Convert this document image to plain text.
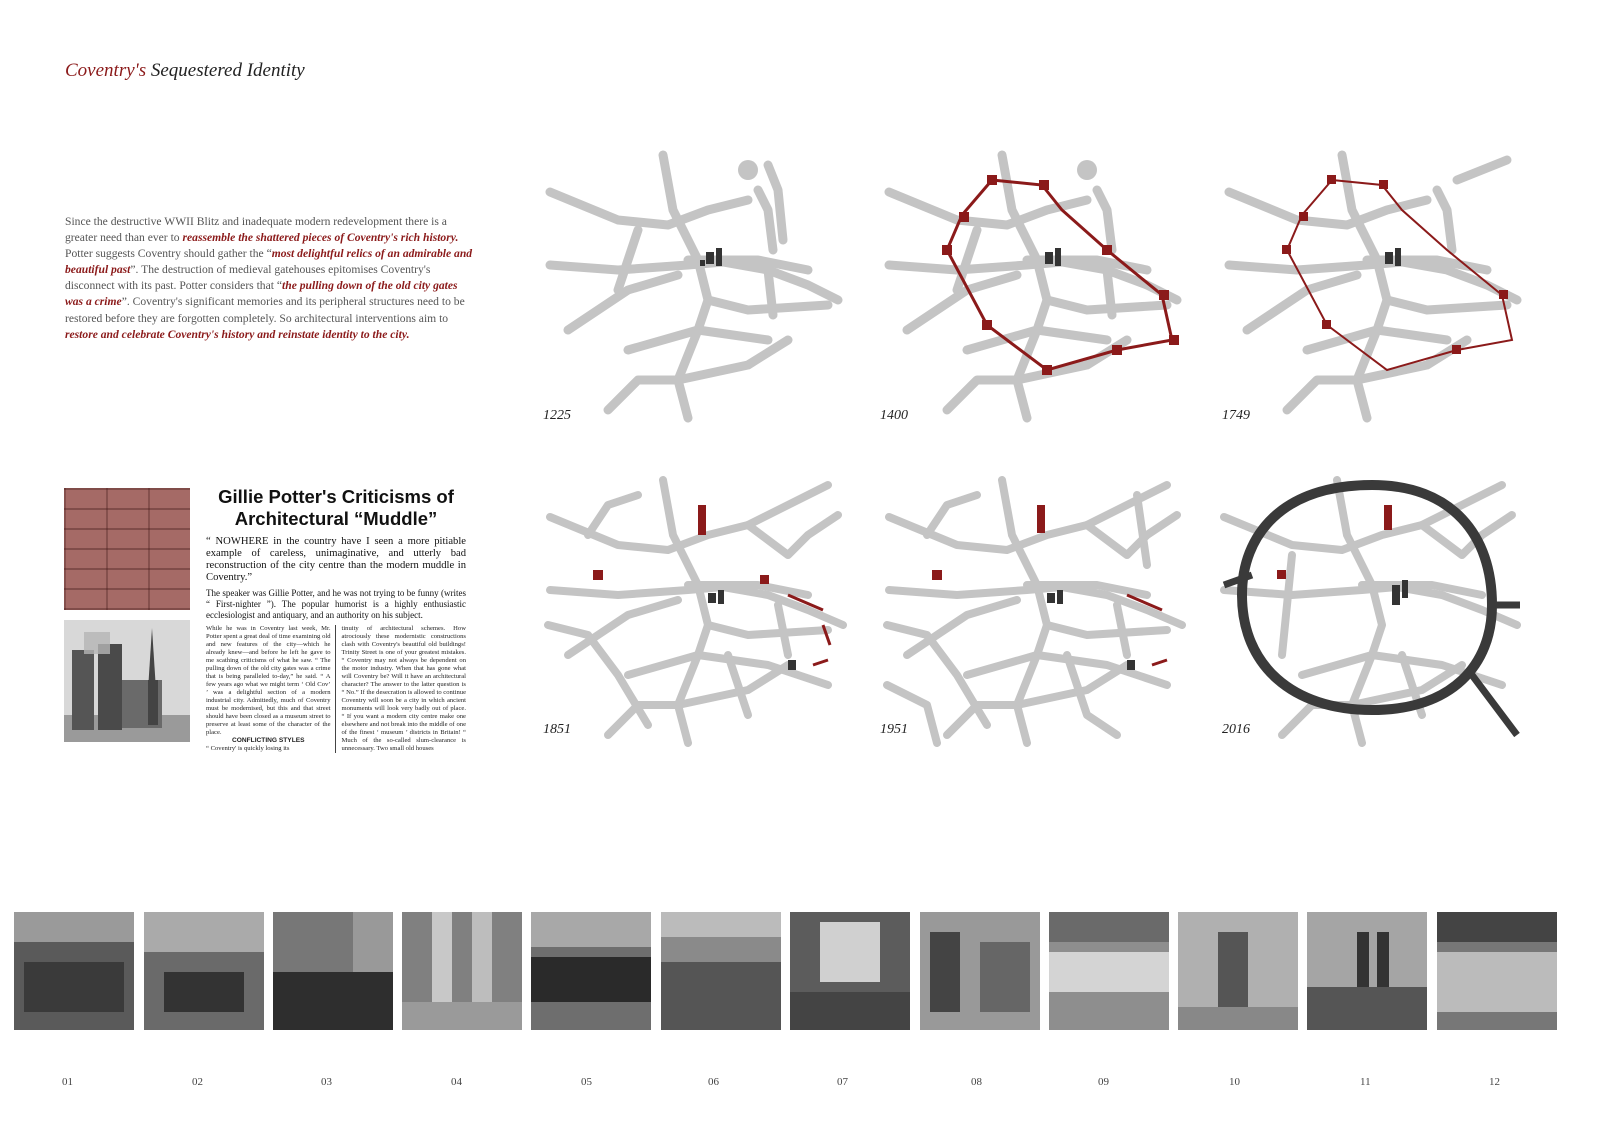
Coventry's Sequestered Identity
Since the destructive WWII Blitz and inadequate modern redevelopment there is a greater need than ever to reassemble the shattered pieces of Coventry's rich history. Potter suggests Coventry should gather the “most delightful relics of an admirable and beautiful past”. The destruction of medieval gatehouses epitomises Coventry's disconnect with its past. Potter considers that “the pulling down of the old city gates was a crime”. Coventry's significant memories and its peripheral structures need to be restored before they are forgotten completely. So architectural interventions aim to restore and celebrate Coventry's history and reinstate identity to the city.
Gillie Potter's Criticisms of
Architectural “Muddle”

“ NOWHERE in the country have I seen a more pitiable example of careless, unimaginative, and utterly bad reconstruction of the city centre than the modern muddle in Coventry.”

The speaker was Gillie Potter, and he was not trying to be funny (writes “ First-nighter ”). The popular humorist is a highly enthusiastic ecclesiologist and antiquary, and an authority on his subject.

While he was in Coventry last week, Mr. Potter spent a great deal of time examining old and new features of the city—which he already knew—and before he left he gave to me scathing criticisms of what he saw. “ The pulling down of the old city gates was a crime that is being paralleled to-day,” he said. “ A few years ago what we might term ‘ Old Cov’ ’ was a delightful section of a modern industrial city. Admittedly, much of Coventry must be modernised, but this and that street should have been closed as a museum street to preserve at least some of the character of the place.
CONFLICTING STYLES
“ Coventry' is quickly losing its
tinuity of architectural schemes. How atrociously these modernistic constructions clash with Coventry's beautiful old buildings! Trinity Street is one of your greatest mistakes. “ Coventry may not always be dependent on the motor industry. When that has gone what will Coventry be? Will it have an architectural character? The answer to the latter question is “ No.” If the desecration is allowed to continue Coventry will soon be a city in which ancient monuments will look very badly out of place. “ If you want a modern city centre make one elsewhere and not break into the middle of one of the finest ‘ museum ’ districts in Britain! “ Much of the so-called slum-clearance is unnecessary. Two small old houses
1225	1400	1749
1851	1951	2016
01	02	03	04	05	06	07	08	09	10	11	12
